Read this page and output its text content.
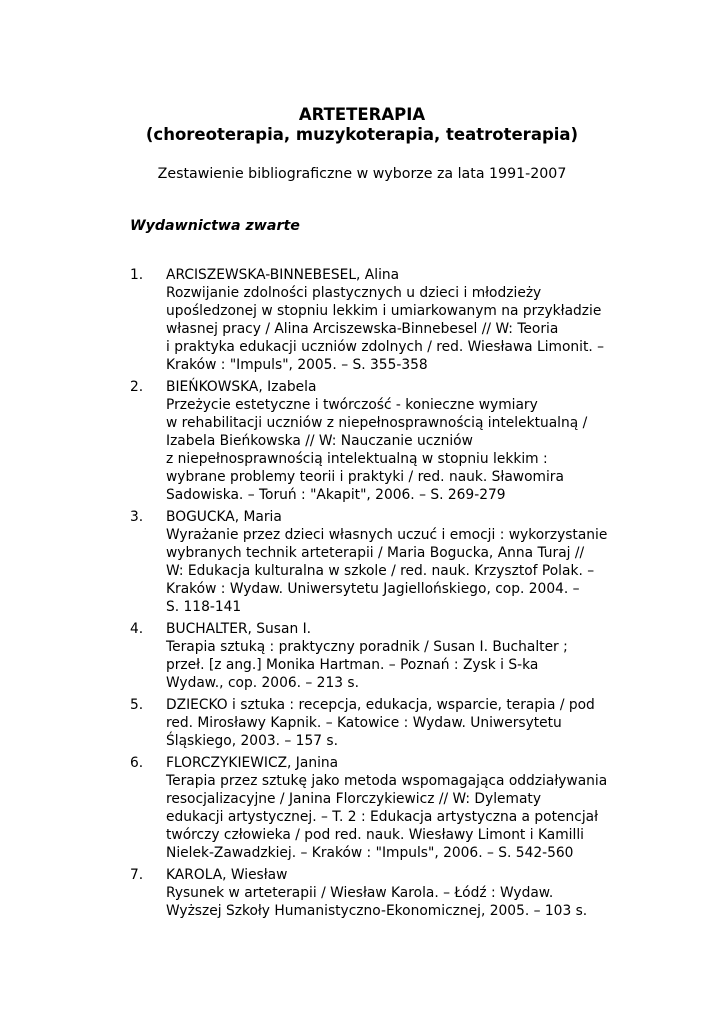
ARTETERAPIA
(choreoterapia, muzykoterapia, teatroterapia)

Zestawienie bibliograficzne w wyborze za lata 1991-2007

Wydawnictwa zwarte
1.	ARCISZEWSKA-BINNEBESEL, Alina
Rozwijanie zdolności plastycznych u dzieci i młodzieży
upośledzonej w stopniu lekkim i umiarkowanym na przykładzie
własnej pracy / Alina Arciszewska-Binnebesel // W: Teoria
i praktyka edukacji uczniów zdolnych / red. Wiesława Limonit. –
Kraków : "Impuls", 2005. – S. 355-358
2.	BIEŃKOWSKA, Izabela
Przeżycie estetyczne i twórczość - konieczne wymiary
w rehabilitacji uczniów z niepełnosprawnością intelektualną /
Izabela Bieńkowska // W: Nauczanie uczniów
z niepełnosprawnością intelektualną w stopniu lekkim :
wybrane problemy teorii i praktyki / red. nauk. Sławomira
Sadowiska. – Toruń : "Akapit", 2006. – S. 269-279
3.	BOGUCKA, Maria
Wyrażanie przez dzieci własnych uczuć i emocji : wykorzystanie
wybranych technik arteterapii / Maria Bogucka, Anna Turaj //
W: Edukacja kulturalna w szkole / red. nauk. Krzysztof Polak. –
Kraków : Wydaw. Uniwersytetu Jagiellońskiego, cop. 2004. –
S. 118-141
4.	BUCHALTER, Susan I.
Terapia sztuką : praktyczny poradnik / Susan I. Buchalter ;
przeł. [z ang.] Monika Hartman. – Poznań : Zysk i S-ka
Wydaw., cop. 2006. – 213 s.
5.	DZIECKO i sztuka : recepcja, edukacja, wsparcie, terapia / pod
red. Mirosławy Kapnik. – Katowice : Wydaw. Uniwersytetu
Śląskiego, 2003. – 157 s.
6.	FLORCZYKIEWICZ, Janina
Terapia przez sztukę jako metoda wspomagająca oddziaływania
resocjalizacyjne / Janina Florczykiewicz // W: Dylematy
edukacji artystycznej. – T. 2 : Edukacja artystyczna a potencjał
twórczy człowieka / pod red. nauk. Wiesławy Limont i Kamilli
Nielek-Zawadzkiej. – Kraków : "Impuls", 2006. – S. 542-560
7.	KAROLA, Wiesław
Rysunek w arteterapii / Wiesław Karola. – Łódź : Wydaw.
Wyższej Szkoły Humanistyczno-Ekonomicznej, 2005. – 103 s.
